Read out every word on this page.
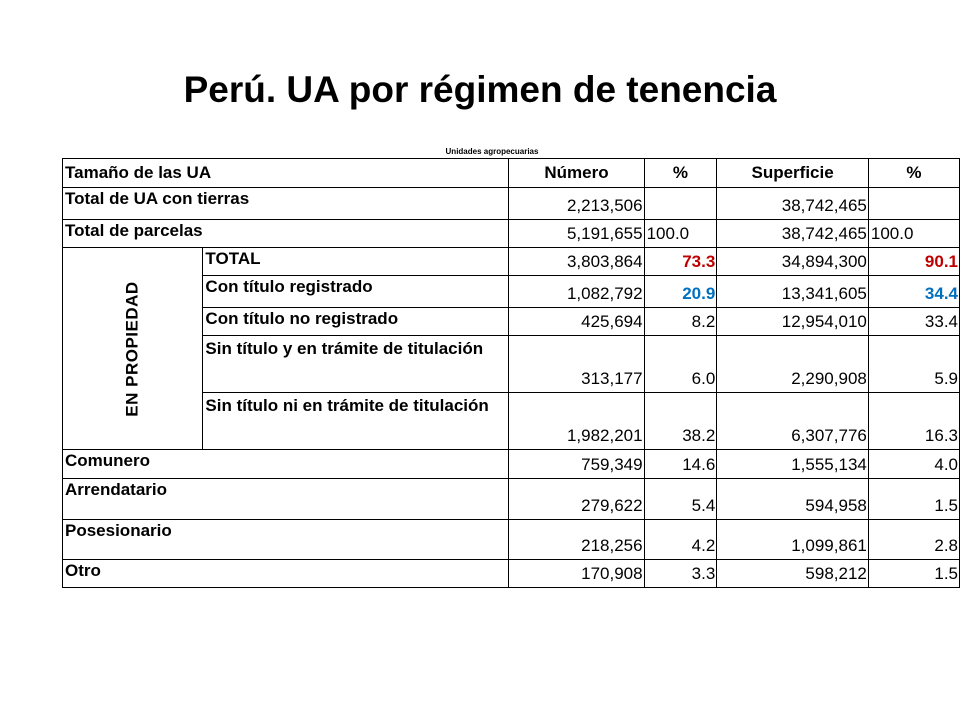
Perú. UA por régimen de tenencia
Unidades agropecuarias
Tamaño de las UA		Número	%	Superficie	%
Total de UA con tierras		2,213,506		38,742,465	
Total de parcelas		5,191,655	100.0	38,742,465	100.0
EN PROPIEDAD	TOTAL	3,803,864	73.3	34,894,300	90.1
	Con título registrado	1,082,792	20.9	13,341,605	34.4
	Con título no registrado	425,694	8.2	12,954,010	33.4
	Sin título y en trámite de titulación	313,177	6.0	2,290,908	5.9
	Sin título ni en trámite de titulación	1,982,201	38.2	6,307,776	16.3
Comunero		759,349	14.6	1,555,134	4.0
Arrendatario		279,622	5.4	594,958	1.5
Posesionario		218,256	4.2	1,099,861	2.8
Otro		170,908	3.3	598,212	1.5
